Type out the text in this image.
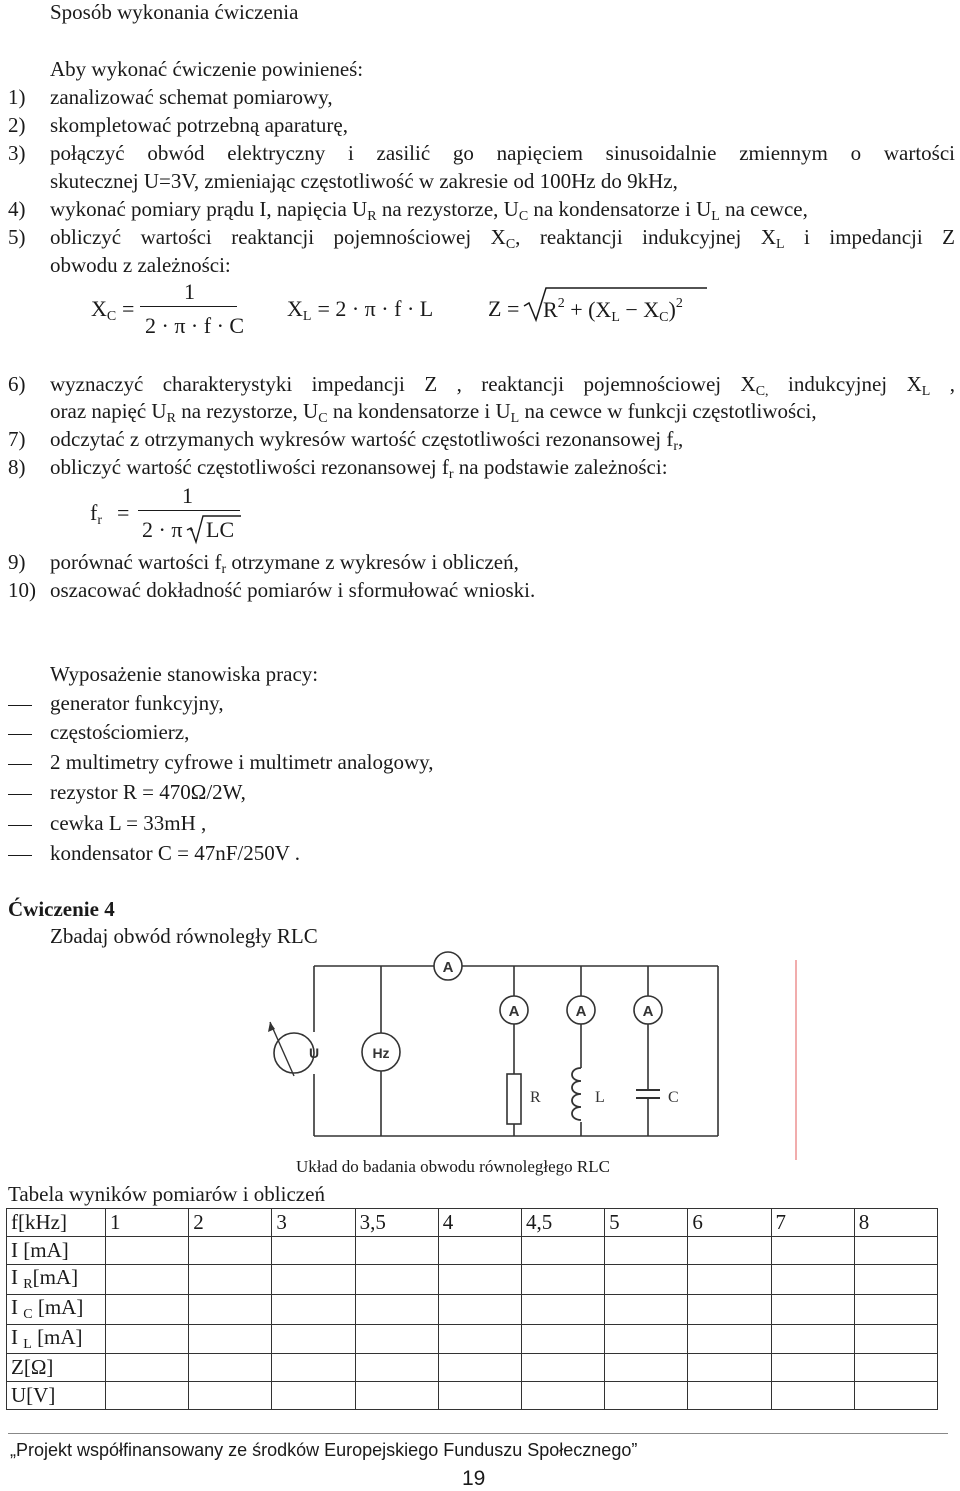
Sposób wykonania ćwiczenia
Aby wykonać ćwiczenie powinieneś:
1) zanalizować schemat pomiarowy,
2) skompletować potrzebną aparaturę,
3) połączyć obwód elektryczny i zasilić go napięciem sinusoidalnie zmiennym o wartości
skutecznej U=3V, zmieniając częstotliwość w zakresie od 100Hz do 9kHz,
4) wykonać pomiary prądu I, napięcia $U_R$ na rezystorze, $U_C$ na kondensatorze i $U_L$ na cewce,
5) obliczyć wartości reaktancji pojemnościowej $X_C$, reaktancji indukcyjnej $X_L$ i impedancji Z
obwodu z zależności:
$X_C$ =
1
2 · π · f · C
$X_L = 2 \cdot \pi \cdot f \cdot L$ $Z = R^2 + (X_L - X_C)^2$
6) wyznaczyć charakterystyki impedancji Z , reaktancji pojemnościowej $X_{C,}$ indukcyjnej $X_L$ ,
oraz napięć $U_R$ na rezystorze, $U_C$ na kondensatorze i $U_L$ na cewce w funkcji częstotliwości,
7) odczytać z otrzymanych wykresów wartość częstotliwości rezonansowej $f_r$,
8) obliczyć wartość częstotliwości rezonansowej $f_r$ na podstawie zależności:
$f_r$ =
1
2 · π · LC
9) porównać wartości $f_r$ otrzymane z wykresów i obliczeń,
10) oszacować dokładność pomiarów i sformułować wnioski.
Wyposażenie stanowiska pracy:
generator funkcyjny,
częstościomierz,
2 multimetry cyfrowe i multimetr analogowy,
rezystor R = 470Ω/2W,
cewka L = 33mH ,
kondensator C = 47nF/250V .
Ćwiczenie 4
Zbadaj obwód równoległy RLC
A
A	A	A
U	Hz
R	L	C
Układ do badania obwodu równoległego RLC
Tabela wyników pomiarów i obliczeń
f[kHz]	1	2	3	3,5	4	4,5	5	6	7	8
I [mA]										
I $_R$[mA]										
I $_C$ [mA]										
I $_L$ [mA]										
Z[Ω]										
U[V]										
„Projekt współfinansowany ze środków Europejskiego Funduszu Społecznego”
19
